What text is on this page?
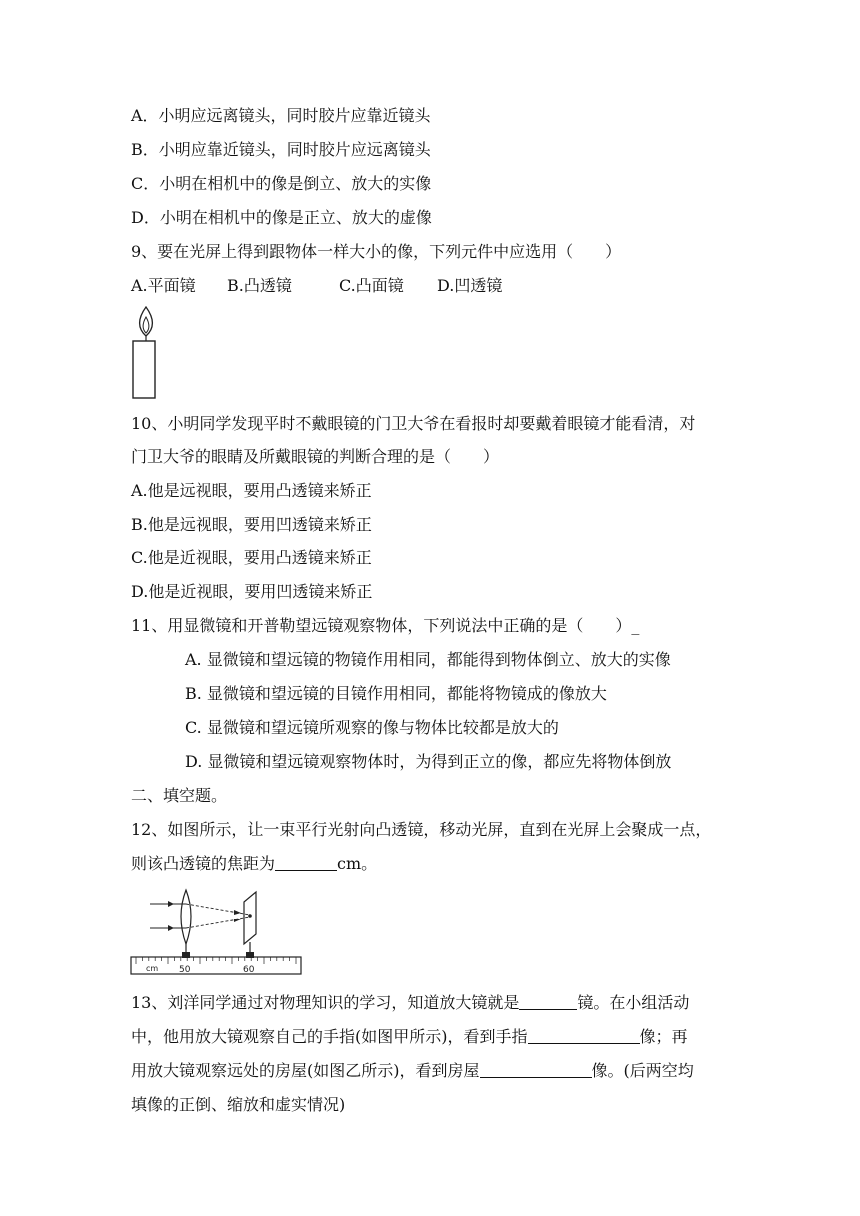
A．小明应远离镜头，同时胶片应靠近镜头
B．小明应靠近镜头，同时胶片应远离镜头
C．小明在相机中的像是倒立、放大的实像
D．小明在相机中的像是正立、放大的虚像
9、要在光屏上得到跟物体一样大小的像，下列元件中应选用（　　）
A.平面镜 B.凸透镜	C.凸面镜 D.凹透镜
10、小明同学发现平时不戴眼镜的门卫大爷在看报时却要戴着眼镜才能看清，对
门卫大爷的眼睛及所戴眼镜的判断合理的是（　　）
A.他是远视眼，要用凸透镜来矫正
B.他是远视眼，要用凹透镜来矫正
C.他是近视眼，要用凸透镜来矫正
D.他是近视眼，要用凹透镜来矫正
11、用显微镜和开普勒望远镜观察物体，下列说法中正确的是（　　）_
A. 显微镜和望远镜的物镜作用相同，都能得到物体倒立、放大的实像
B. 显微镜和望远镜的目镜作用相同，都能将物镜成的像放大
C. 显微镜和望远镜所观察的像与物体比较都是放大的
D. 显微镜和望远镜观察物体时，为得到正立的像，都应先将物体倒放
二、填空题。
12、如图所示，让一束平行光射向凸透镜，移动光屏，直到在光屏上会聚成一点，
则该凸透镜的焦距为	cm。
cm 50	60
13、刘洋同学通过对物理知识的学习，知道放大镜就是	镜。在小组活动
中，他用放大镜观察自己的手指(如图甲所示)，看到手指	像；再
用放大镜观察远处的房屋(如图乙所示)，看到房屋	像。(后两空均
填像的正倒、缩放和虚实情况)
